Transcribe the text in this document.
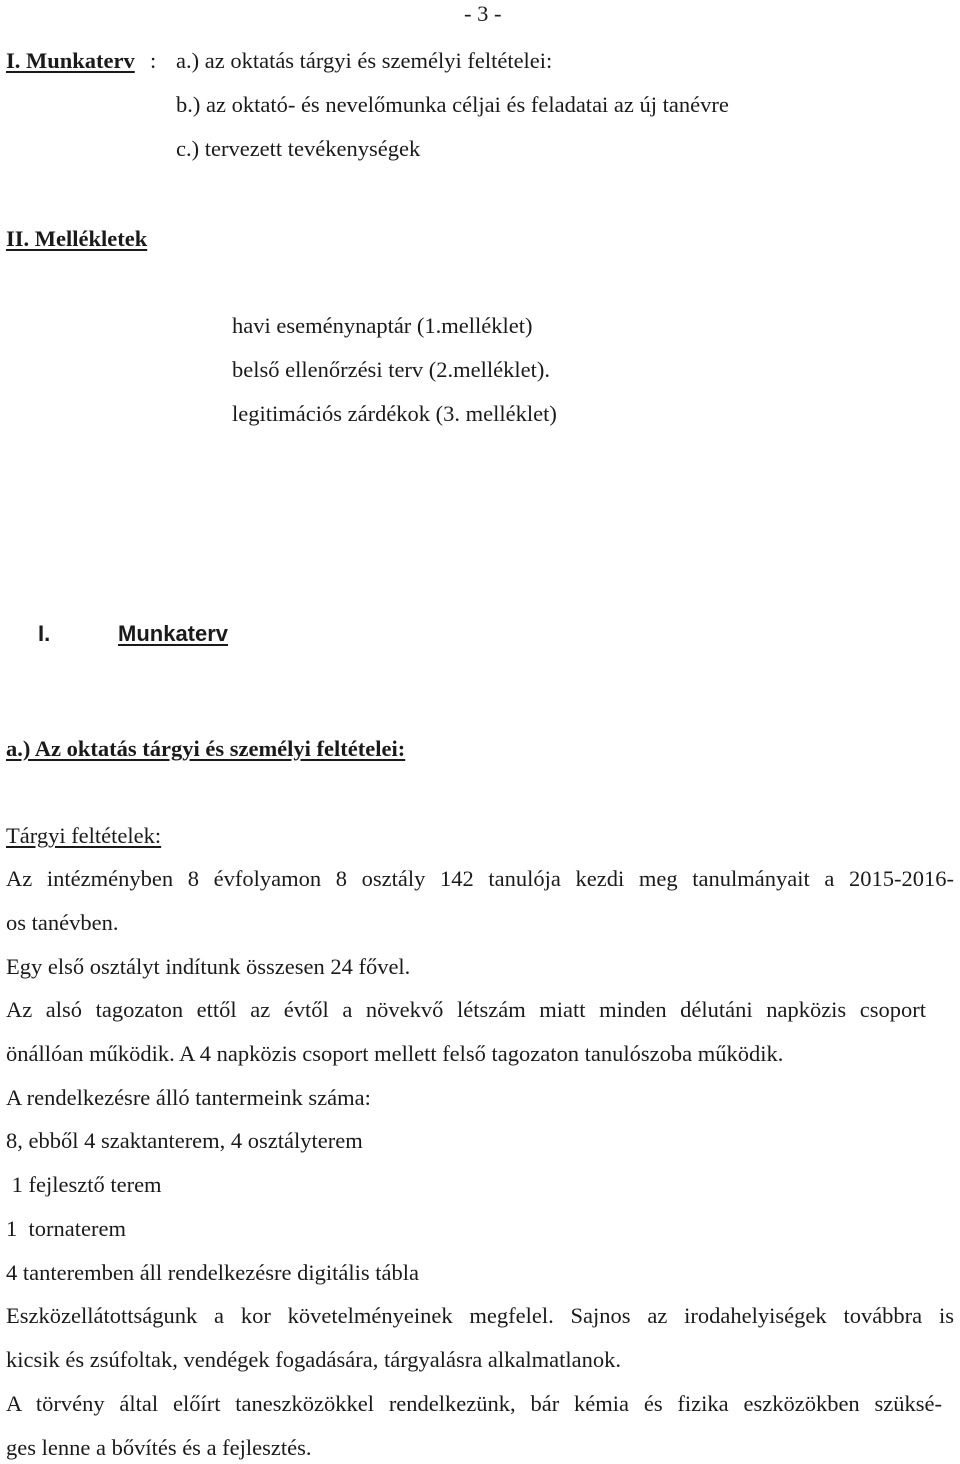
- 3 -
I. Munkaterv : a.) az oktatás tárgyi és személyi feltételei:
b.) az oktató- és nevelőmunka céljai és feladatai az új tanévre
c.) tervezett tevékenységek
II. Mellékletek
havi eseménynaptár (1.melléklet)
belső ellenőrzési terv (2.melléklet).
legitimációs zárdékok (3. melléklet)
I.	Munkaterv
a.) Az oktatás tárgyi és személyi feltételei:
Tárgyi feltételek:
Az intézményben 8 évfolyamon 8 osztály 142 tanulója kezdi meg tanulmányait a 2015-2016-
os tanévben.
Egy első osztályt indítunk összesen 24 fővel.
Az alsó tagozaton ettől az évtől a növekvő létszám miatt minden délutáni napközis csoport
önállóan működik. A 4 napközis csoport mellett felső tagozaton tanulószoba működik.
A rendelkezésre álló tantermeink száma:
8, ebből 4 szaktanterem, 4 osztályterem
1 fejlesztő terem
1  tornaterem
4 tanteremben áll rendelkezésre digitális tábla
Eszközellátottságunk a kor követelményeinek megfelel. Sajnos az irodahelyiségek továbbra is
kicsik és zsúfoltak, vendégek fogadására, tárgyalásra alkalmatlanok.
A törvény által előírt taneszközökkel rendelkezünk, bár kémia és fizika eszközökben szüksé-
ges lenne a bővítés és a fejlesztés.
